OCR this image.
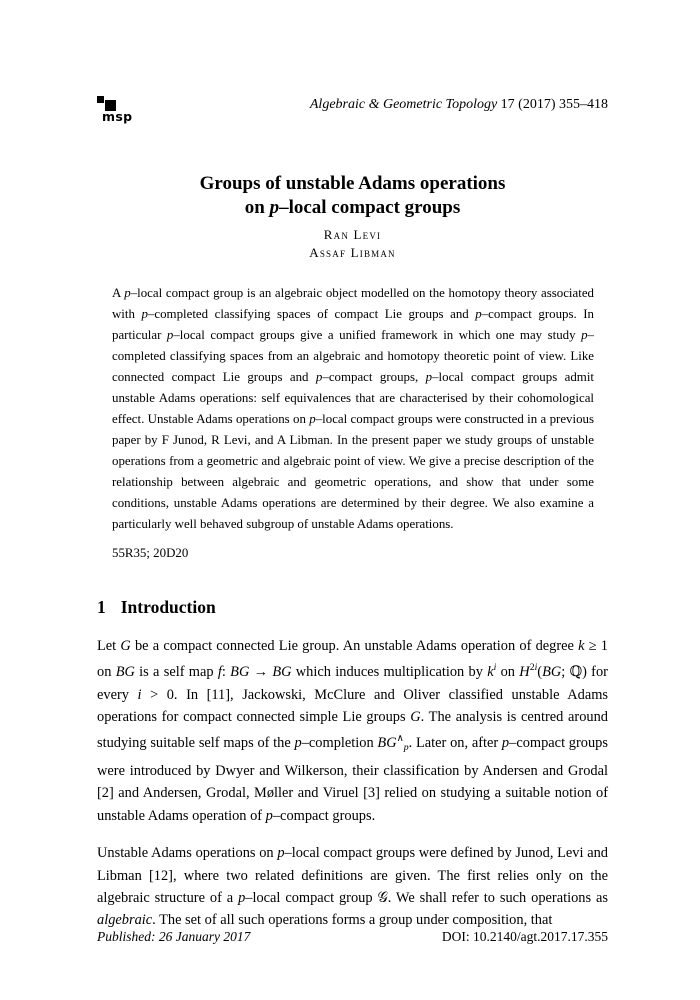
msp
Algebraic & Geometric Topology 17 (2017) 355–418
Groups of unstable Adams operations
on p–local compact groups
Ran Levi
Assaf Libman

A p–local compact group is an algebraic object modelled on the homotopy theory associated with p–completed classifying spaces of compact Lie groups and p–compact groups. In particular p–local compact groups give a unified framework in which one may study p–completed classifying spaces from an algebraic and homotopy theoretic point of view. Like connected compact Lie groups and p–compact groups, p–local compact groups admit unstable Adams operations: self equivalences that are characterised by their cohomological effect. Unstable Adams operations on p–local compact groups were constructed in a previous paper by F Junod, R Levi, and A Libman. In the present paper we study groups of unstable operations from a geometric and algebraic point of view. We give a precise description of the relationship between algebraic and geometric operations, and show that under some conditions, unstable Adams operations are determined by their degree. We also examine a particularly well behaved subgroup of unstable Adams operations.

55R35; 20D20

1 Introduction

Let G be a compact connected Lie group. An unstable Adams operation of degree k ≥ 1 on BG is a self map f: BG → BG which induces multiplication by $k^i$ on $H^{2i}(BG$; ℚ) for every i > 0. In [11], Jackowski, McClure and Oliver classified unstable Adams operations for compact connected simple Lie groups G. The analysis is centred around studying suitable self maps of the p–completion $BG^\wedge_p$. Later on, after p–compact groups were introduced by Dwyer and Wilkerson, their classification by Andersen and Grodal [2] and Andersen, Grodal, Møller and Viruel [3] relied on studying a suitable notion of unstable Adams operation of p–compact groups.

Unstable Adams operations on p–local compact groups were defined by Junod, Levi and Libman [12], where two related definitions are given. The first relies only on the algebraic structure of a p–local compact group 𝒢. We shall refer to such operations as algebraic. The set of all such operations forms a group under composition, that

Published: 26 January 2017	DOI: 10.2140/agt.2017.17.355
